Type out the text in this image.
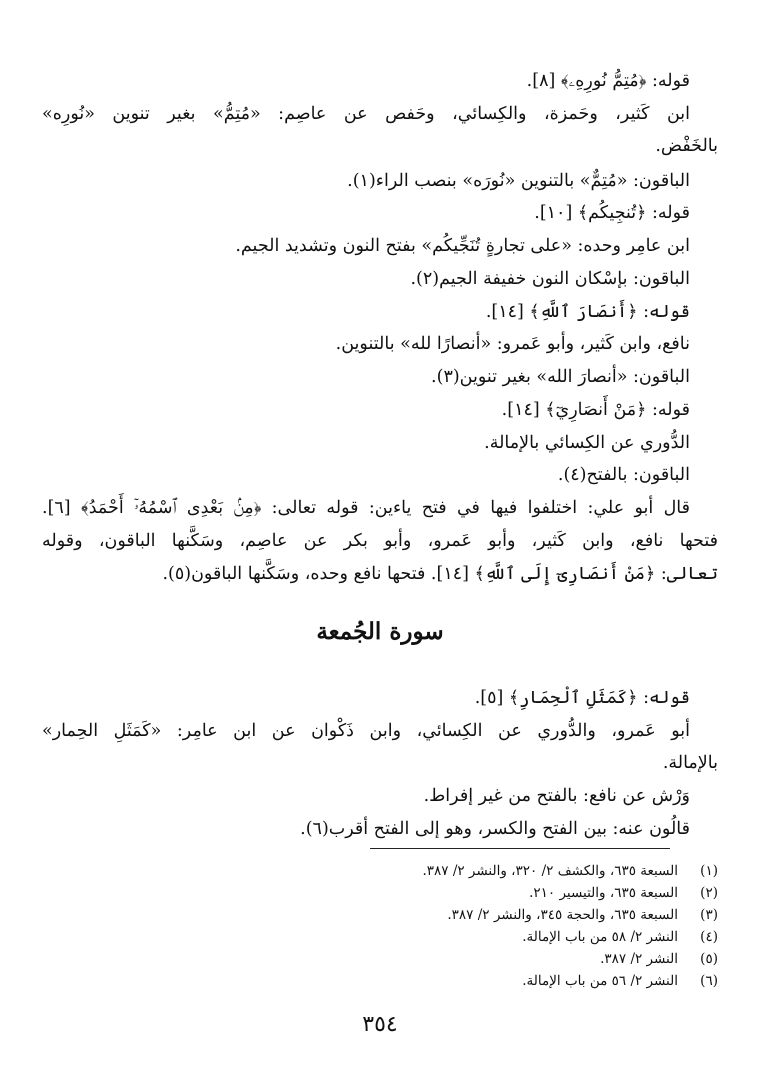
قوله: ﴿مُتِمُّ نُورِهِۦ﴾ [٨].
ابن كَثير، وحَمزة، والكِسائي، وحَفص عن عاصِم: «مُتِمُّ» بغير تنوين «نُورِه»
بالخَفْض.
الباقون: «مُتِمٌّ» بالتنوين «نُورَه» بنصب الراء(١).
قوله: ﴿تُنجِيكُم﴾ [١٠].
ابن عامِر وحده: «على تجارةٍ تُنَجِّيكُم» بفتح النون وتشديد الجيم.
الباقون: بإسْكان النون خفيفة الجيم(٢).
قوله: ﴿أَنصَارَ ٱللَّهِ﴾ [١٤].
نافع، وابن كَثير، وأبو عَمرو: «أنصارًا لله» بالتنوين.
الباقون: «أنصارَ الله» بغير تنوين(٣).
قوله: ﴿مَنْ أَنصَارِيٓ﴾ [١٤].
الدُّوري عن الكِسائي بالإمالة.
الباقون: بالفتح(٤).
قال أبو علي: اختلفوا فيها في فتح ياءين: قوله تعالى: ﴿مِنۢ بَعْدِى ٱسْمُهُۥٓ أَحْمَدُ﴾ [٦].
فتحها نافع، وابن كَثير، وأبو عَمرو، وأبو بكر عن عاصِم، وسَكَّنها الباقون، وقوله
تعالى: ﴿مَنْ أَنصَارِىٓ إِلَى ٱللَّهِ﴾ [١٤]. فتحها نافع وحده، وسَكَّنها الباقون(٥).
سورة الجُمعة
قوله: ﴿كَمَثَلِ ٱلْحِمَارِ﴾ [٥].
أبو عَمرو، والدُّوري عن الكِسائي، وابن ذَكْوان عن ابن عامِر: «كَمَثَلِ الحِمار»
بالإمالة.
وَرْش عن نافع: بالفتح من غير إفراط.
قالُون عنه: بين الفتح والكسر، وهو إلى الفتح أقرب(٦).
(١)السبعة ٦٣٥، والكشف ٢/ ٣٢٠، والنشر ٢/ ٣٨٧.
(٢)السبعة ٦٣٥، والتيسير ٢١٠.
(٣)السبعة ٦٣٥، والحجة ٣٤٥، والنشر ٢/ ٣٨٧.
(٤)النشر ٢/ ٥٨ من باب الإمالة.
(٥)النشر ٢/ ٣٨٧.
(٦)النشر ٢/ ٥٦ من باب الإمالة.
٣٥٤
